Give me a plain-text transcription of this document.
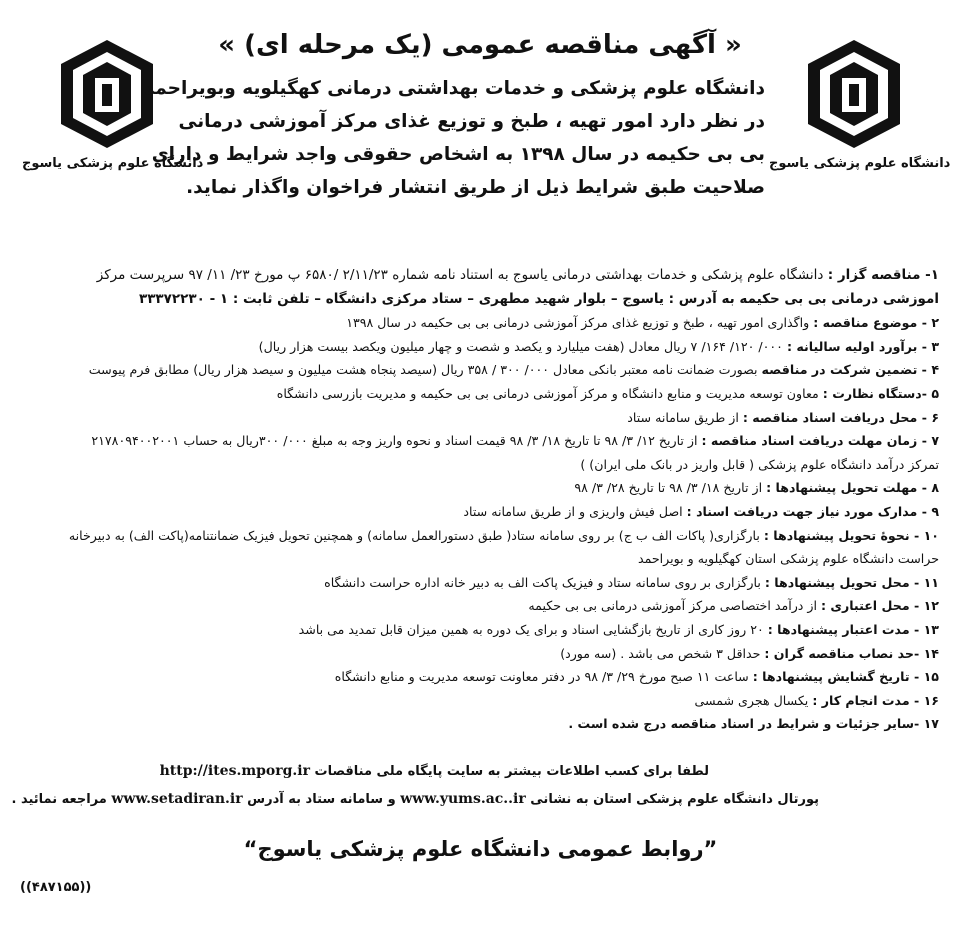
دانشگاه علوم پزشکی یاسوج
دانشگاه علوم پزشکی یاسوج
« آگهی مناقصه عمومی (یک مرحله ای) »
دانشگاه علوم پزشکی و خدمات بهداشتی درمانی کهگیلویه وبویراحمد
در نظر دارد امور تهیه ، طبخ و توزیع غذای مرکز آموزشی درمانی
بی بی حکیمه در سال ۱۳۹۸ به اشخاص حقوقی واجد شرایط و دارای
صلاحیت طبق شرایط ذیل از طریق انتشار فراخوان واگذار نماید.
۱- مناقصه گزار : دانشگاه علوم پزشکی و خدمات بهداشتی درمانی یاسوج به استناد نامه شماره ۲/۱۱/۲۳ /۶۵۸۰ پ مورخ ۲۳/ ۱۱/ ۹۷ سرپرست مرکز
اموزشی درمانی بی بی حکیمه به آدرس : یاسوج – بلوار شهید مطهری – ستاد مرکزی دانشگاه – تلفن ثابت : ۱ - ۳۳۳۷۲۲۳۰
۲ - موضوع مناقصه : واگذاری امور تهیه ، طبخ و توزیع غذای مرکز آموزشی درمانی بی بی حکیمه در سال ۱۳۹۸
۳ - برآورد اولیه سالیانه : ۰۰۰/ ۱۲۰/ ۱۶۴/ ۷ ریال معادل (هفت میلیارد و یکصد و شصت و چهار میلیون ویکصد بیست هزار ریال)
۴ - تضمین شرکت در مناقصه بصورت ضمانت نامه معتبر بانکی معادل ۰۰۰/ ۳۰۰ / ۳۵۸ ریال (سیصد پنجاه هشت میلیون و سیصد هزار ریال) مطابق فرم پیوست
۵ -دستگاه نظارت : معاون توسعه مدیریت و منابع دانشگاه و مرکز آموزشی درمانی بی بی حکیمه و مدیریت بازرسی دانشگاه
۶ - محل دریافت اسناد مناقصه : از طریق سامانه ستاد
۷ - زمان مهلت دریافت اسناد مناقصه : از تاریخ ۱۲/ ۳/ ۹۸ تا تاریخ ۱۸/ ۳/ ۹۸ قیمت اسناد و نحوه واریز وجه به مبلغ ۰۰۰/ ۳۰۰ریال به حساب ۲۱۷۸۰۹۴۰۰۲۰۰۱
تمرکز درآمد دانشگاه علوم پزشکی ( قابل واریز در بانک ملی ایران) )
۸ - مهلت تحویل پیشنهادها : از تاریخ ۱۸/ ۳/ ۹۸ تا تاریخ ۲۸/ ۳/ ۹۸
۹ - مدارک مورد نیاز جهت دریافت اسناد : اصل فیش واریزی و از طریق سامانه ستاد
۱۰ - نحوهٔ تحویل پیشنهادها : بارگزاری( پاکات الف ب ج) بر روی سامانه ستاد( طبق دستورالعمل سامانه) و همچنین تحویل فیزیک ضمانتنامه(پاکت الف) به دبیرخانه
حراست دانشگاه علوم پزشکی استان کهگیلویه و بویراحمد
۱۱ - محل تحویل پیشنهادها : بارگزاری بر روی سامانه ستاد و فیزیک پاکت الف به دبیر خانه اداره حراست دانشگاه
۱۲ - محل اعتباری : از درآمد اختصاصی مرکز آموزشی درمانی بی بی حکیمه
۱۳ - مدت اعتبار پیشنهادها : ۲۰ روز کاری از تاریخ بازگشایی اسناد و برای یک دوره به همین میزان قابل تمدید می باشد
۱۴ -حد نصاب مناقصه گران : حداقل ۳ شخص می باشد . (سه مورد)
۱۵ - تاریخ گشایش پیشنهادها : ساعت ۱۱ صبح مورخ ۲۹/ ۳/ ۹۸ در دفتر معاونت توسعه مدیریت و منابع دانشگاه
۱۶ - مدت انجام کار : یکسال هجری شمسی
۱۷ -سایر جزئیات و شرایط در اسناد مناقصه درج شده است .
لطفا برای کسب اطلاعات بیشتر به سایت پایگاه ملی مناقصات http://ites.mporg.ir
پورتال دانشگاه علوم پزشکی استان به نشانی www.yums.ac..ir و سامانه ستاد به آدرس www.setadiran.ir مراجعه نمائید .
”روابط عمومی دانشگاه علوم پزشکی یاسوج“
((۴۸۷۱۵۵))
